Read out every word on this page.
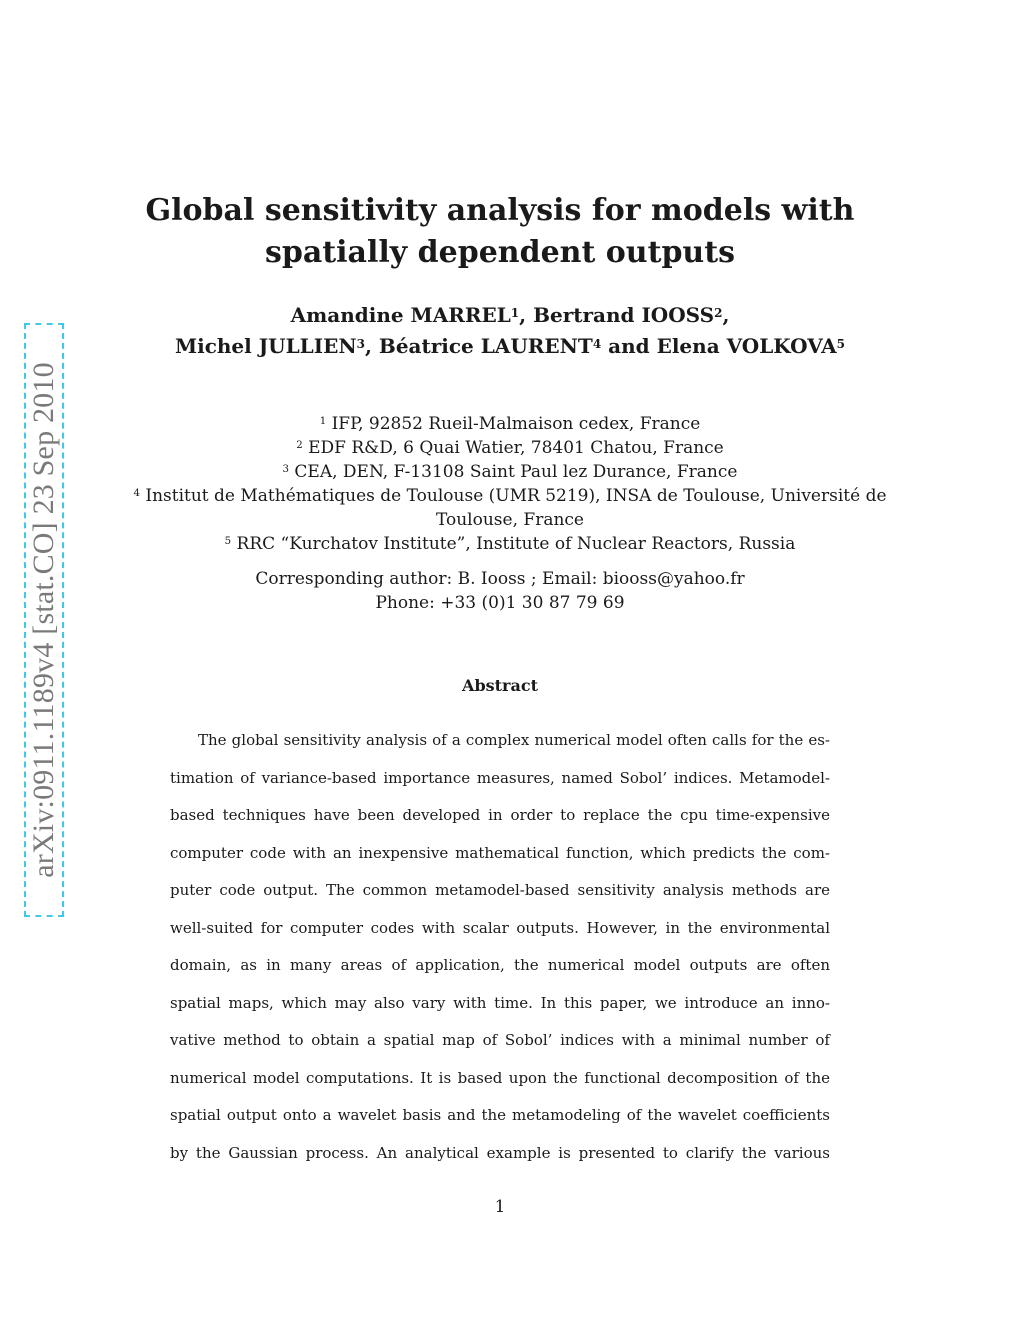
arXiv:0911.1189v4 [stat.CO] 23 Sep 2010
Global sensitivity analysis for models with
spatially dependent outputs
Amandine MARREL$^1$, Bertrand IOOSS$^2$,
Michel JULLIEN$^3$, Béatrice LAURENT$^4$ and Elena VOLKOVA$^5$
$^1$ IFP, 92852 Rueil-Malmaison cedex, France
$^2$ EDF R&D, 6 Quai Watier, 78401 Chatou, France
$^3$ CEA, DEN, F-13108 Saint Paul lez Durance, France
$^4$ Institut de Mathématiques de Toulouse (UMR 5219), INSA de Toulouse, Université de
Toulouse, France
$^5$ RRC “Kurchatov Institute”, Institute of Nuclear Reactors, Russia
Corresponding author: B. Iooss ; Email: biooss@yahoo.fr
Phone: +33 (0)1 30 87 79 69
Abstract
The global sensitivity analysis of a complex numerical model often calls for the es-
timation of variance-based importance measures, named Sobol’ indices. Metamodel-
based techniques have been developed in order to replace the cpu time-expensive
computer code with an inexpensive mathematical function, which predicts the com-
puter code output. The common metamodel-based sensitivity analysis methods are
well-suited for computer codes with scalar outputs. However, in the environmental
domain, as in many areas of application, the numerical model outputs are often
spatial maps, which may also vary with time. In this paper, we introduce an inno-
vative method to obtain a spatial map of Sobol’ indices with a minimal number of
numerical model computations. It is based upon the functional decomposition of the
spatial output onto a wavelet basis and the metamodeling of the wavelet coefficients
by the Gaussian process. An analytical example is presented to clarify the various
1
